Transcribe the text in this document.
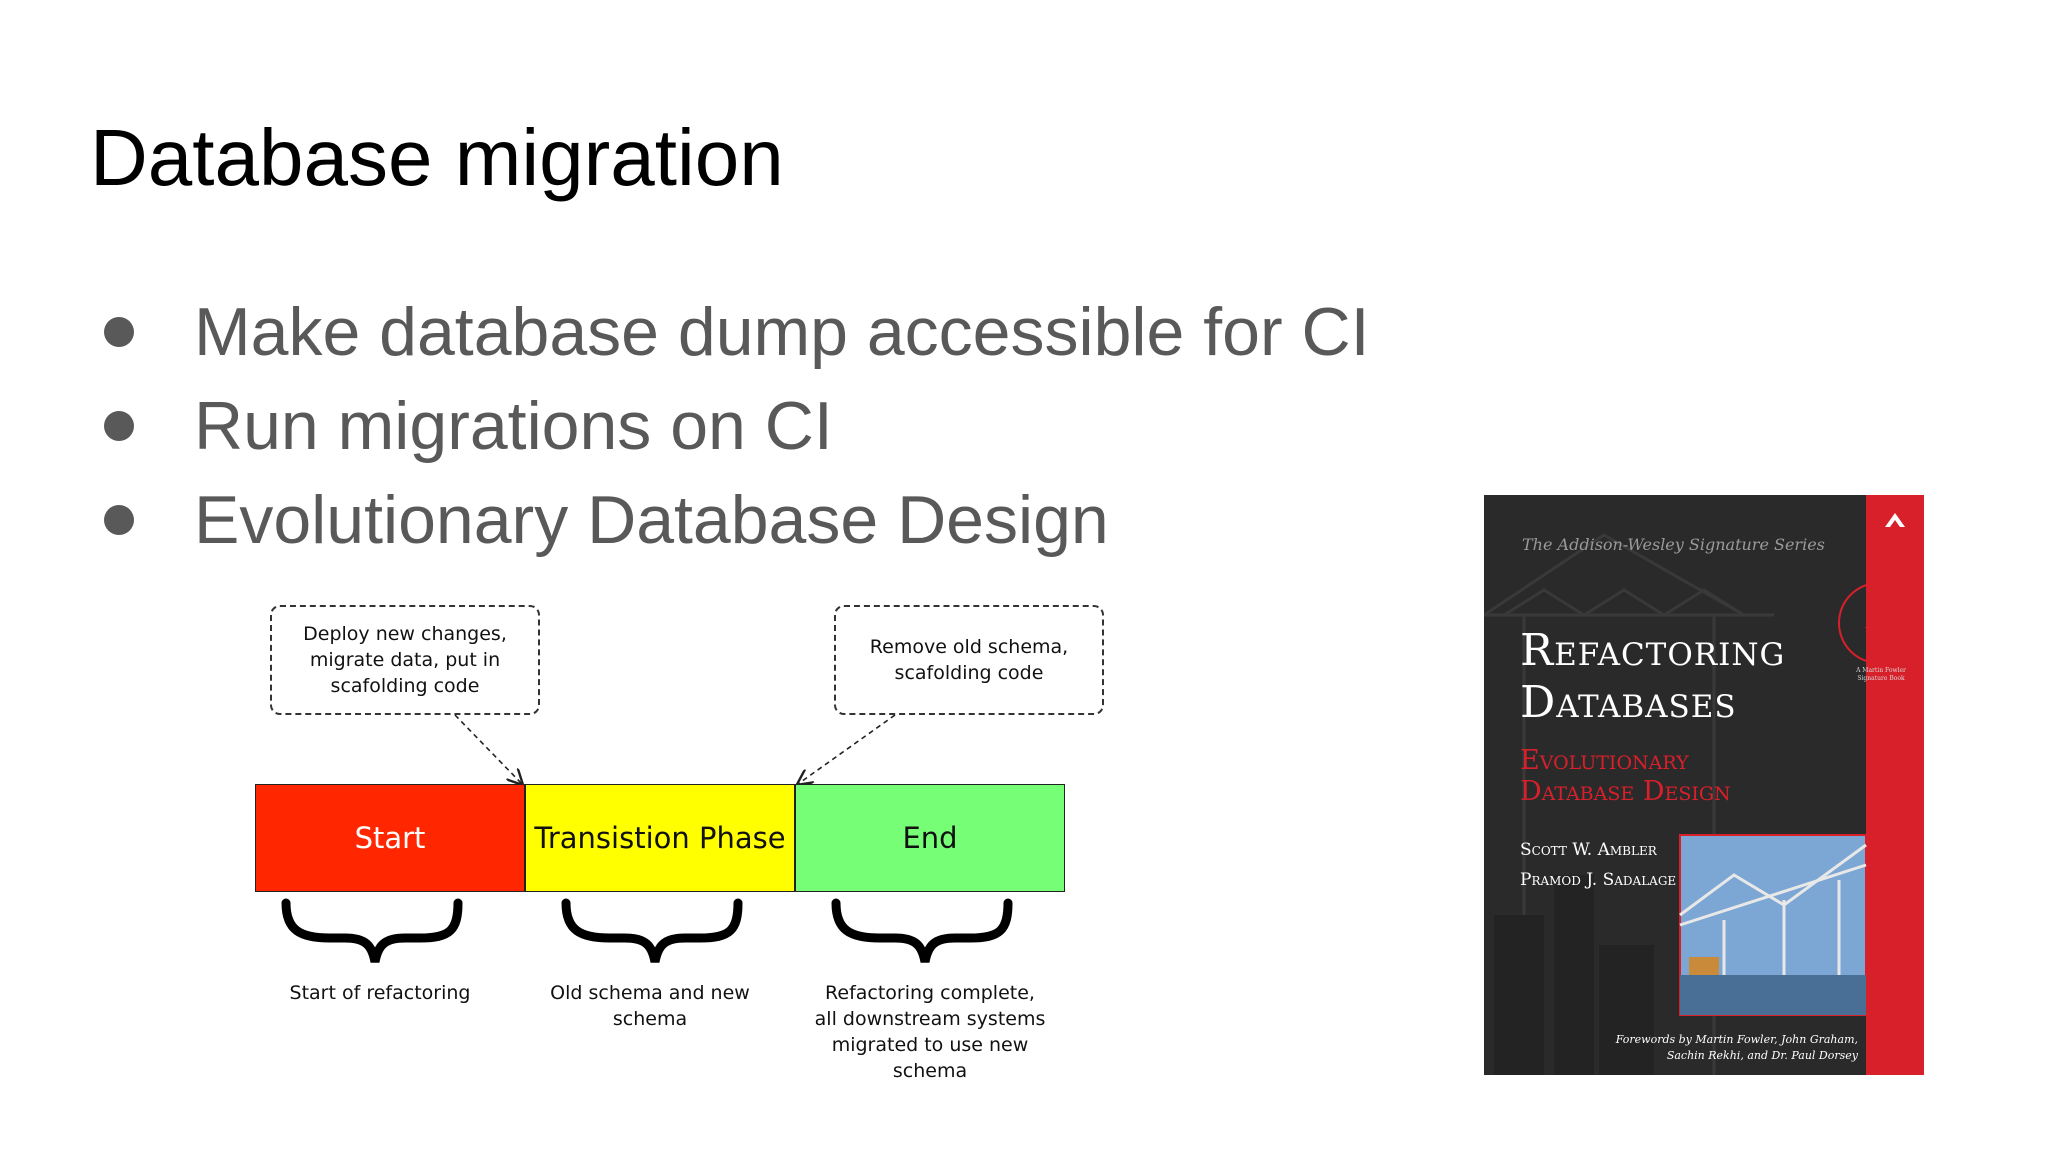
Database migration
Make database dump accessible for CI
Run migrations on CI
Evolutionary Database Design
Deploy new changes,
migrate data, put in
scafolding code
Remove old schema,
scafolding code
Start	Transistion Phase	End
Start of refactoring	Old schema and new
schema
Refactoring complete,
all downstream systems
migrated to use new
schema
MF
The Addison-Wesley Signature Series
A Martin Fowler Signature Book
Refactoring
Databases
Evolutionary
Database Design
Scott W. Ambler
Pramod J. Sadalage
Forewords by Martin Fowler, John Graham,
Sachin Rekhi, and Dr. Paul Dorsey
